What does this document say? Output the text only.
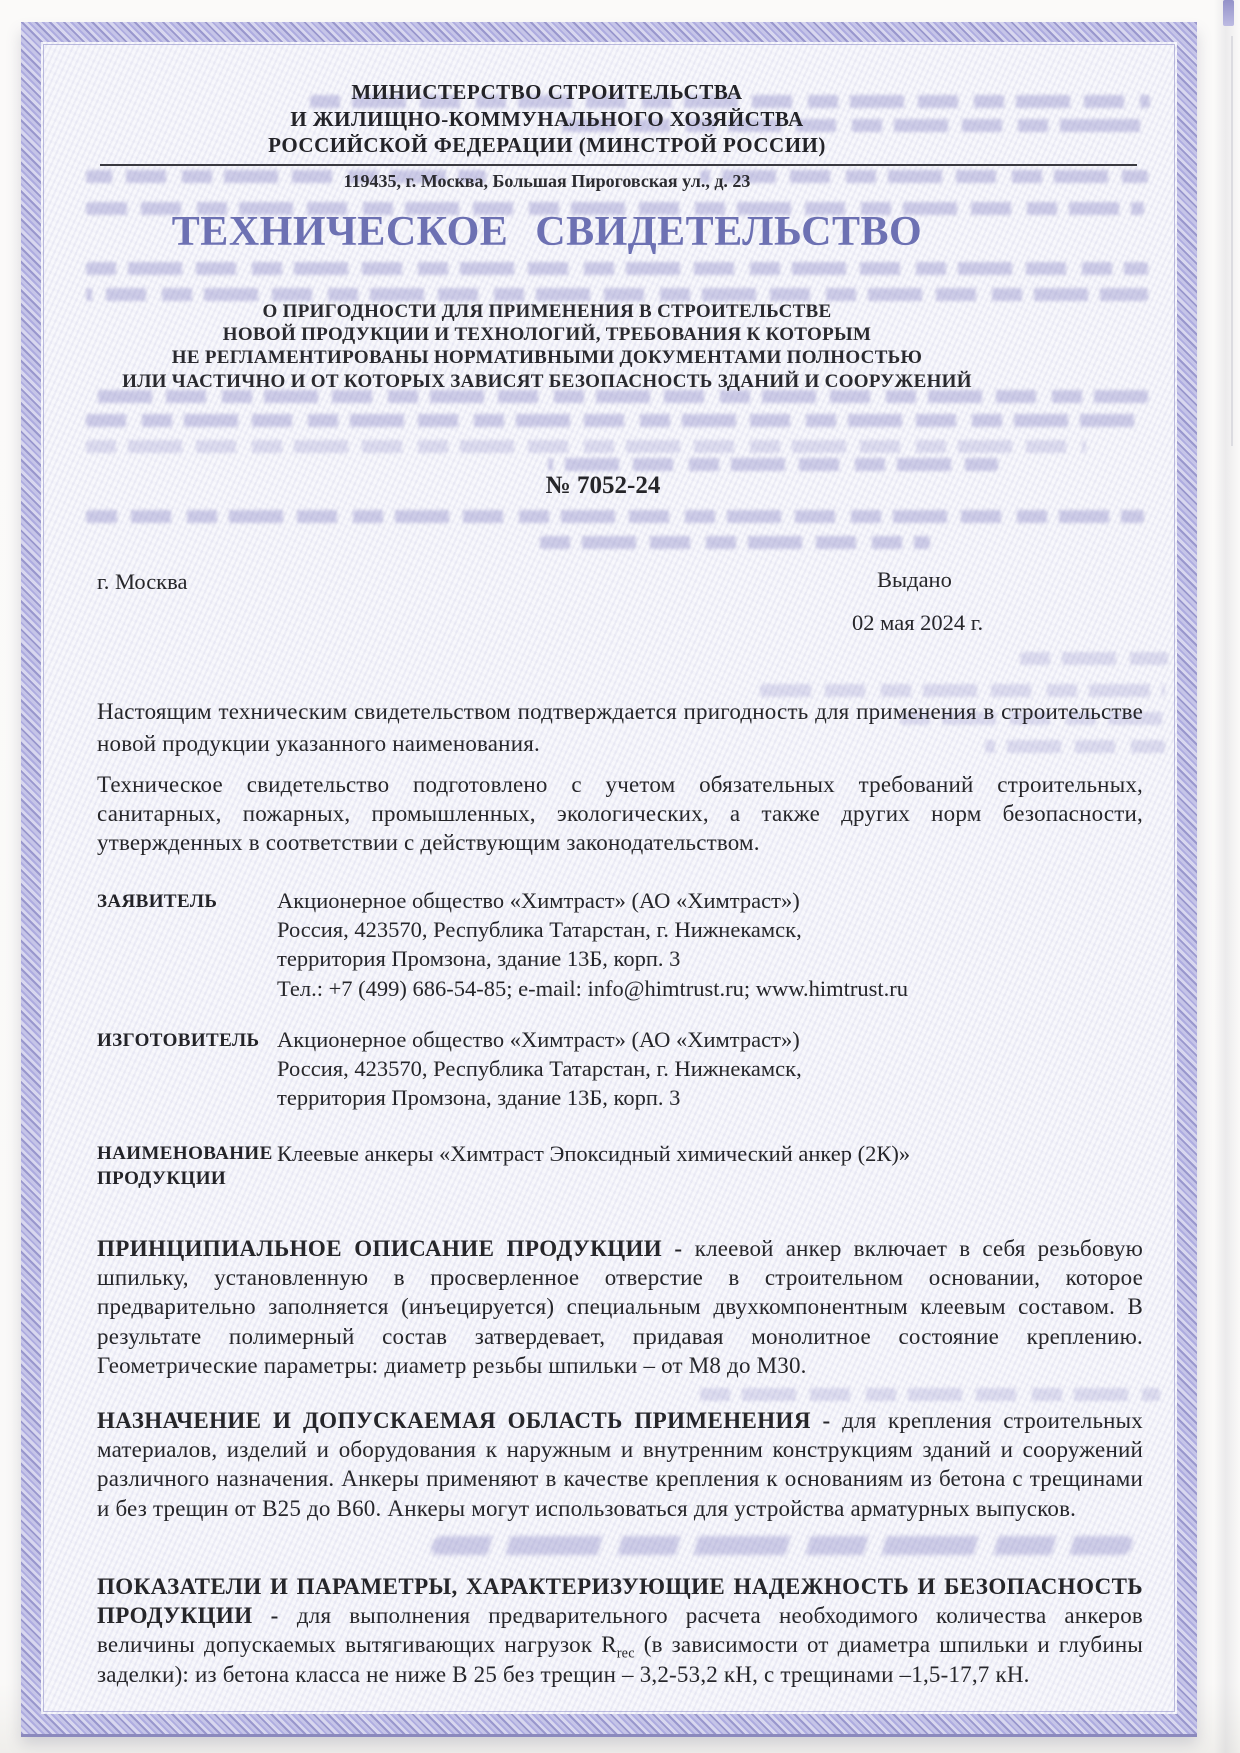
МИНИСТЕРСТВО СТРОИТЕЛЬСТВА
И ЖИЛИЩНО-КОММУНАЛЬНОГО ХОЗЯЙСТВА
РОССИЙСКОЙ ФЕДЕРАЦИИ (МИНСТРОЙ РОССИИ)
119435, г. Москва, Большая Пироговская ул., д. 23
ТЕХНИЧЕСКОЕ СВИДЕТЕЛЬСТВО
О ПРИГОДНОСТИ ДЛЯ ПРИМЕНЕНИЯ В СТРОИТЕЛЬСТВЕ
НОВОЙ ПРОДУКЦИИ И ТЕХНОЛОГИЙ, ТРЕБОВАНИЯ К КОТОРЫМ
НЕ РЕГЛАМЕНТИРОВАНЫ НОРМАТИВНЫМИ ДОКУМЕНТАМИ ПОЛНОСТЬЮ
ИЛИ ЧАСТИЧНО И ОТ КОТОРЫХ ЗАВИСЯТ БЕЗОПАСНОСТЬ ЗДАНИЙ И СООРУЖЕНИЙ
№ 7052-24
г. Москва	Выдано
02 мая 2024 г.

Настоящим техническим свидетельством подтверждается пригодность для применения в строительстве новой продукции указанного наименования.

Техническое свидетельство подготовлено с учетом обязательных требований строительных, санитарных, пожарных, промышленных, экологических, а также других норм безопасности, утвержденных в соответствии с действующим законодательством.

ЗАЯВИТЕЛЬ	Акционерное общество «Химтраст» (АО «Химтраст»)
Россия, 423570, Республика Татарстан, г. Нижнекамск,
территория Промзона, здание 13Б, корп. 3
Тел.: +7 (499) 686-54-85; e-mail: info@himtrust.ru; www.himtrust.ru
ИЗГОТОВИТЕЛЬ Акционерное общество «Химтраст» (АО «Химтраст»)
Россия, 423570, Республика Татарстан, г. Нижнекамск,
территория Промзона, здание 13Б, корп. 3
НАИМЕНОВАНИЕ ПРОДУКЦИИ
Клеевые анкеры «Химтраст Эпоксидный химический анкер (2К)»

ПРИНЦИПИАЛЬНОЕ ОПИСАНИЕ ПРОДУКЦИИ - клеевой анкер включает в себя резьбовую шпильку, установленную в просверленное отверстие в строительном основании, которое предварительно заполняется (инъецируется) специальным двухкомпонентным клеевым составом. В результате полимерный состав затвердевает, придавая монолитное состояние креплению. Геометрические параметры: диаметр резьбы шпильки – от М8 до М30.

НАЗНАЧЕНИЕ И ДОПУСКАЕМАЯ ОБЛАСТЬ ПРИМЕНЕНИЯ - для крепления строительных материалов, изделий и оборудования к наружным и внутренним конструкциям зданий и сооружений различного назначения. Анкеры применяют в качестве крепления к основаниям из бетона с трещинами и без трещин от В25 до В60. Анкеры могут использоваться для устройства арматурных выпусков.

ПОКАЗАТЕЛИ И ПАРАМЕТРЫ, ХАРАКТЕРИЗУЮЩИЕ НАДЕЖНОСТЬ И БЕЗОПАСНОСТЬ ПРОДУКЦИИ - для выполнения предварительного расчета необходимого количества анкеров величины допускаемых вытягивающих нагрузок $R_{rec}$ (в зависимости от диаметра шпильки и глубины заделки): из бетона класса не ниже В 25 без трещин – 3,2-53,2 кН, с трещинами –1,5-17,7 кН.
